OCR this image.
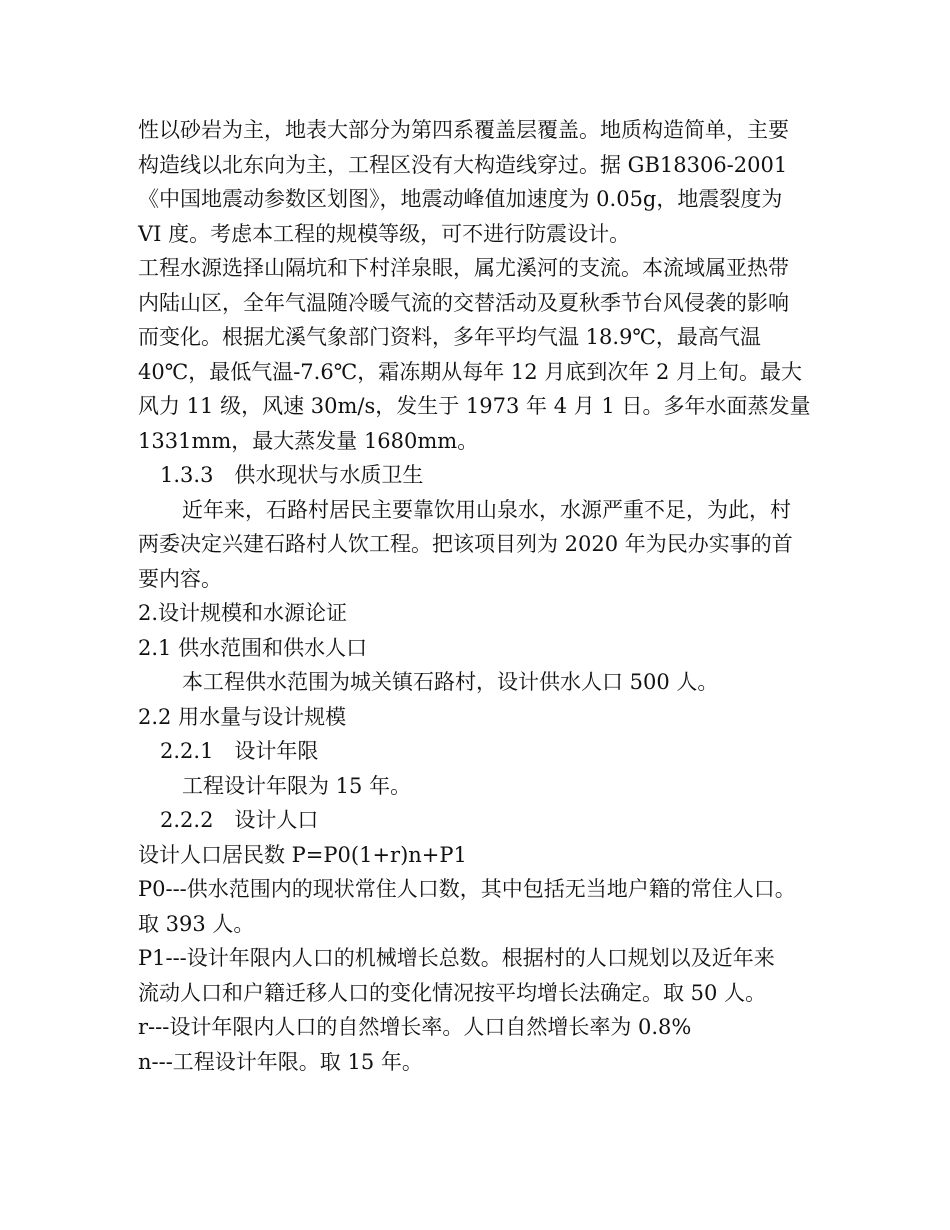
性以砂岩为主，地表大部分为第四系覆盖层覆盖。地质构造简单，主要
构造线以北东向为主，工程区没有大构造线穿过。据 GB18306-2001
《中国地震动参数区划图》，地震动峰值加速度为 0.05g，地震裂度为
VI 度。考虑本工程的规模等级，可不进行防震设计。
工程水源选择山隔坑和下村洋泉眼，属尤溪河的支流。本流域属亚热带
内陆山区，全年气温随冷暖气流的交替活动及夏秋季节台风侵袭的影响
而变化。根据尤溪气象部门资料，多年平均气温 18.9℃，最高气温
40℃，最低气温-7.6℃，霜冻期从每年 12 月底到次年 2 月上旬。最大
风力 11 级，风速 30m/s，发生于 1973 年 4 月 1 日。多年水面蒸发量
1331mm，最大蒸发量 1680mm。
1.3.3　供水现状与水质卫生
近年来，石路村居民主要靠饮用山泉水，水源严重不足，为此，村
两委决定兴建石路村人饮工程。把该项目列为 2020 年为民办实事的首
要内容。
2.设计规模和水源论证
2.1 供水范围和供水人口
本工程供水范围为城关镇石路村，设计供水人口 500 人。
2.2 用水量与设计规模
2.2.1　设计年限
工程设计年限为 15 年。
2.2.2　设计人口
设计人口居民数 P=P0(1+r)n+P1
P0---供水范围内的现状常住人口数，其中包括无当地户籍的常住人口。
取 393 人。
P1---设计年限内人口的机械增长总数。根据村的人口规划以及近年来
流动人口和户籍迁移人口的变化情况按平均增长法确定。取 50 人。
r---设计年限内人口的自然增长率。人口自然增长率为 0.8%
n---工程设计年限。取 15 年。
